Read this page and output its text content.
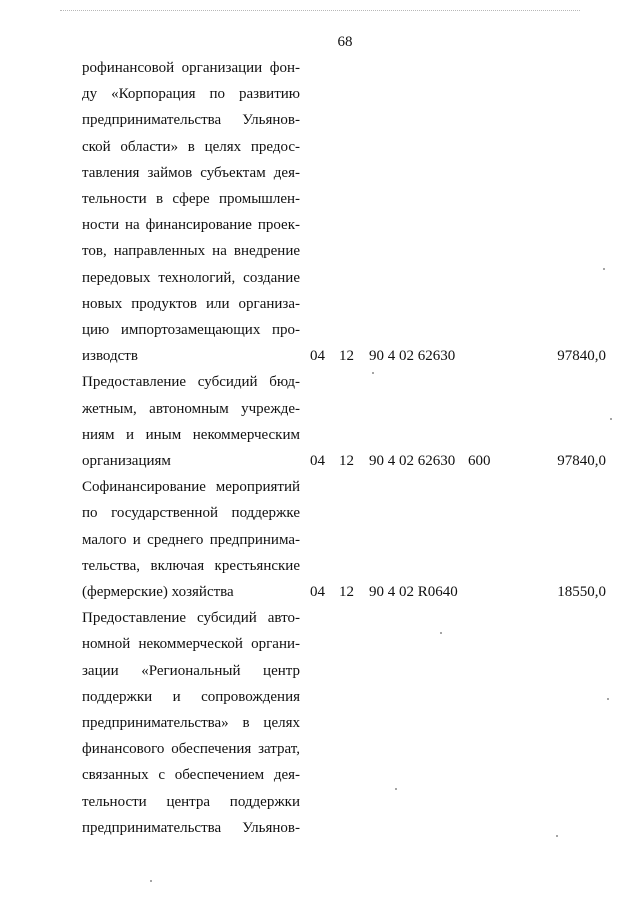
68
рофинансовой организации фон-
ду «Корпорация по развитию
предпринимательства Ульянов-
ской области» в целях предос-
тавления займов субъектам дея-
тельности в сфере промышлен-
ности на финансирование проек-
тов, направленных на внедрение
передовых технологий, создание
новых продуктов или организа-
цию импортозамещающих про-
изводств	04 12 90 4 02 62630	97840,0
Предоставление субсидий бюд-
жетным, автономным учрежде-
ниям и иным некоммерческим
организациям	04 12 90 4 02 62630 600	97840,0
Софинансирование мероприятий
по государственной поддержке
малого и среднего предпринима-
тельства, включая крестьянские
(фермерские) хозяйства	04 12 90 4 02 R0640	18550,0
Предоставление субсидий авто-
номной некоммерческой органи-
зации «Региональный центр
поддержки и сопровождения
предпринимательства» в целях
финансового обеспечения затрат,
связанных с обеспечением дея-
тельности центра поддержки
предпринимательства Ульянов-
